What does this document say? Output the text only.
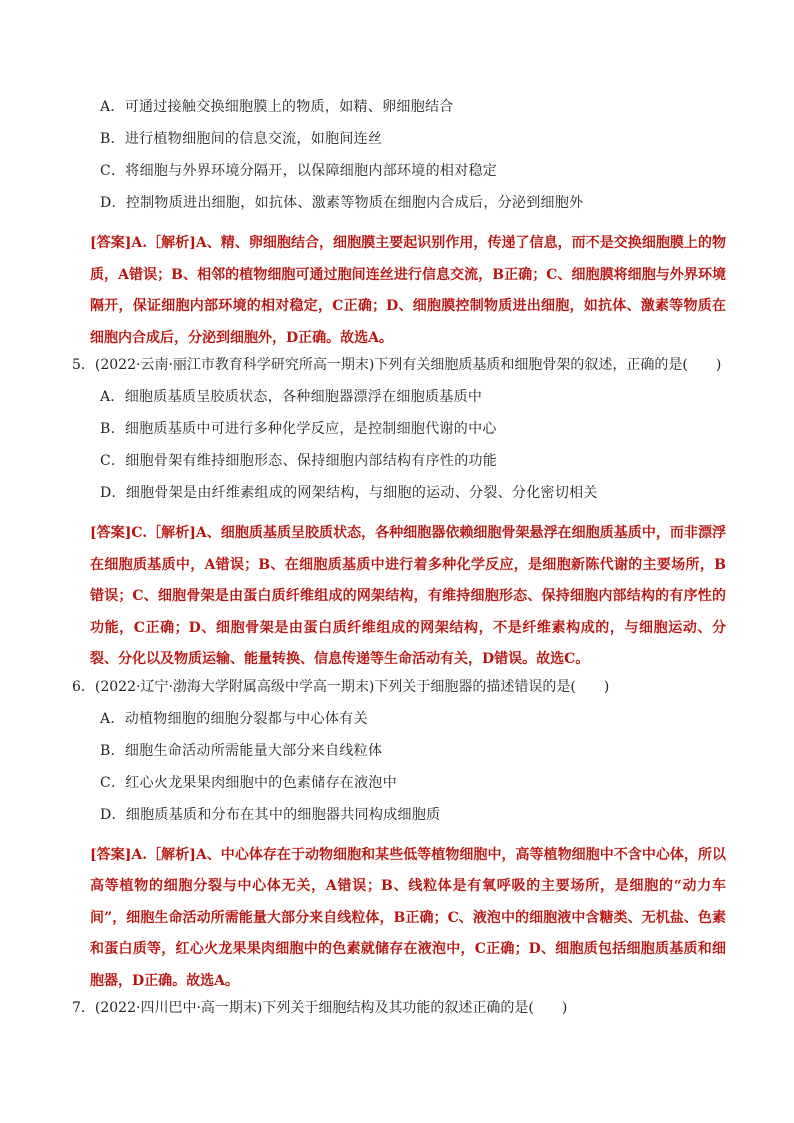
A．可通过接触交换细胞膜上的物质，如精、卵细胞结合
B．进行植物细胞间的信息交流，如胞间连丝
C．将细胞与外界环境分隔开，以保障细胞内部环境的相对稳定
D．控制物质进出细胞，如抗体、激素等物质在细胞内合成后，分泌到细胞外
[答案]A.［解析]A、精、卵细胞结合，细胞膜主要起识别作用，传递了信息，而不是交换细胞膜上的物质，A错误；B、相邻的植物细胞可通过胞间连丝进行信息交流，B正确；C、细胞膜将细胞与外界环境隔开，保证细胞内部环境的相对稳定，C正确；D、细胞膜控制物质进出细胞，如抗体、激素等物质在细胞内合成后，分泌到细胞外，D正确。故选A。
5．(2022·云南·丽江市教育科学研究所高一期末)下列有关细胞质基质和细胞骨架的叙述，正确的是(　　)
A．细胞质基质呈胶质状态，各种细胞器漂浮在细胞质基质中
B．细胞质基质中可进行多种化学反应，是控制细胞代谢的中心
C．细胞骨架有维持细胞形态、保持细胞内部结构有序性的功能
D．细胞骨架是由纤维素组成的网架结构，与细胞的运动、分裂、分化密切相关
[答案]C.［解析]A、细胞质基质呈胶质状态，各种细胞器依赖细胞骨架悬浮在细胞质基质中，而非漂浮在细胞质基质中，A错误；B、在细胞质基质中进行着多种化学反应，是细胞新陈代谢的主要场所，B错误；C、细胞骨架是由蛋白质纤维组成的网架结构，有维持细胞形态、保持细胞内部结构的有序性的功能，C正确；D、细胞骨架是由蛋白质纤维组成的网架结构，不是纤维素构成的，与细胞运动、分裂、分化以及物质运输、能量转换、信息传递等生命活动有关，D错误。故选C。
6．(2022·辽宁·渤海大学附属高级中学高一期末)下列关于细胞器的描述错误的是(　　)
A．动植物细胞的细胞分裂都与中心体有关
B．细胞生命活动所需能量大部分来自线粒体
C．红心火龙果果肉细胞中的色素储存在液泡中
D．细胞质基质和分布在其中的细胞器共同构成细胞质
[答案]A.［解析]A、中心体存在于动物细胞和某些低等植物细胞中，高等植物细胞中不含中心体，所以高等植物的细胞分裂与中心体无关，A错误；B、线粒体是有氧呼吸的主要场所，是细胞的“动力车间”，细胞生命活动所需能量大部分来自线粒体，B正确；C、液泡中的细胞液中含糖类、无机盐、色素和蛋白质等，红心火龙果果肉细胞中的色素就储存在液泡中，C正确；D、细胞质包括细胞质基质和细胞器，D正确。故选A。
7．(2022·四川巴中·高一期末)下列关于细胞结构及其功能的叙述正确的是(　　)
